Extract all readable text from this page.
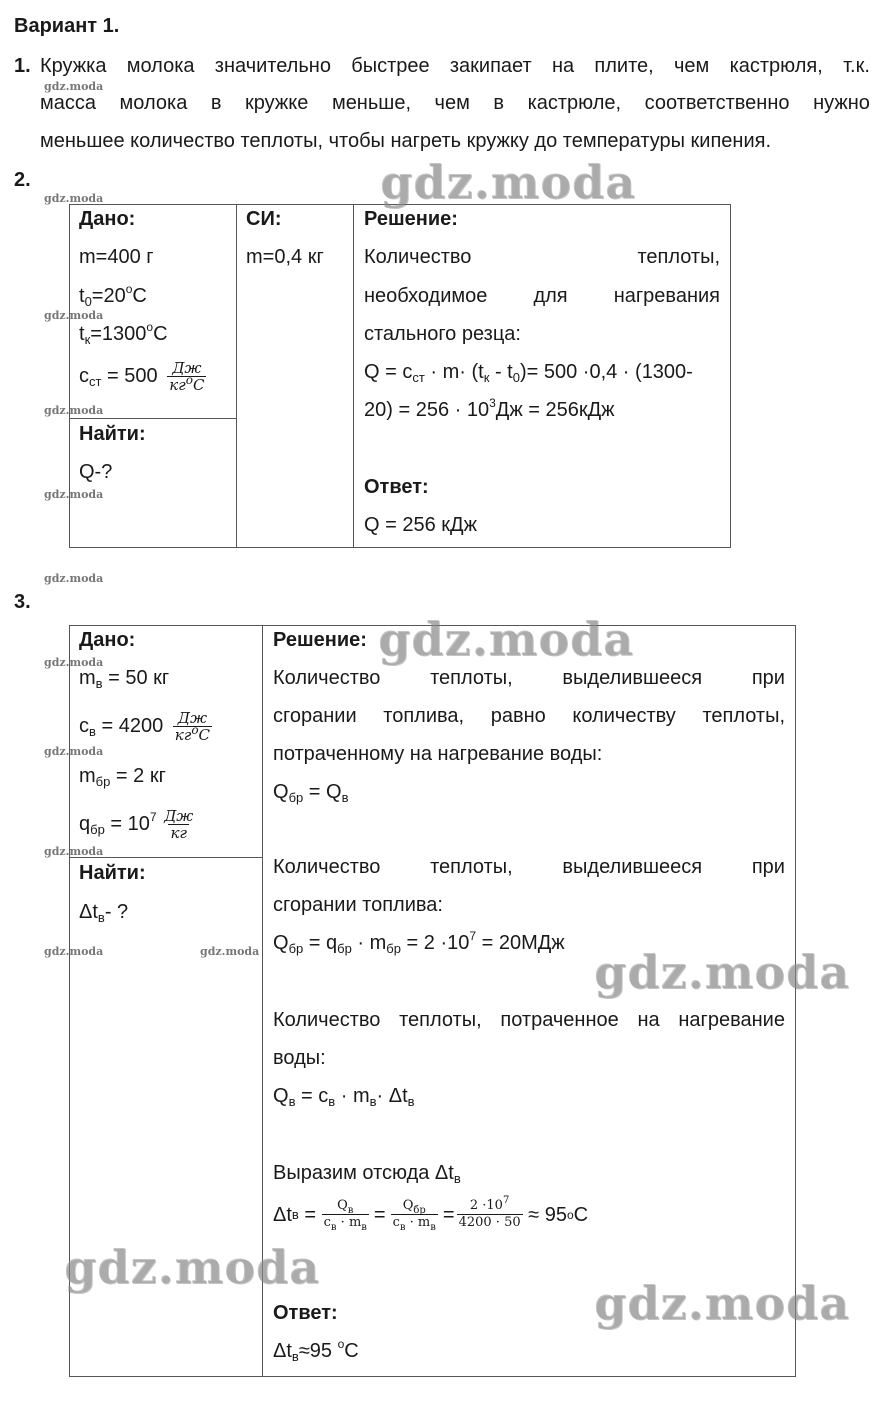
Вариант 1.
1. Кружка молока значительно быстрее закипает на плите, чем кастрюля, т.к.
масса молока в кружке меньше, чем в кастрюле, соответственно нужно
меньшее количество теплоты, чтобы нагреть кружку до температуры кипения.
2.
Дано:
m=400 г
$t_0=20^oC$
$t_к=1300^oC$
$c_{ст} = 500 \frac{Дж}{кг^oC}$
Найти:
Q-?
СИ:
m=0,4 кг
Решение:
Количество	теплоты,
необходимое для нагревания
стального резца:
$Q = c_{ст} \cdot m\cdot (t_к - t_0)= 500 \cdot 0,4 \cdot (1300-$
$20) = 256 \cdot 10^3Дж = 256кДж$
Ответ:
Q = 256 кДж
3.
Дано:
$m_в = 50$ кг
$c_в = 4200 \frac{Дж}{кг^oC}$
$m_{бр} = 2$ кг
$q_{бр} = 10^7 \frac{Дж}{кг}$
Найти:
$\Delta t_в-$ ?
Решение:
Количество теплоты, выделившееся при
сгорании топлива, равно количеству теплоты,
потраченному на нагревание воды:
$Q_{бр} = Q_в$
Количество теплоты, выделившееся при
сгорании топлива:
$Q_{бр} = q_{бр} \cdot m_{бр} = 2 \cdot 10^7 = 20МДж$
Количество теплоты, потраченное на нагревание
воды:
$Q_в = c_в \cdot m_в\cdot \Delta t_в$
Выразим отсюда $\Delta t_в$
Δt $в = \frac{Q_в}{c_в \cdot m_в} = \frac{Q_{бр}}{c_в \cdot m_в} = \frac{2 \cdot 10^7}{4200 \cdot 50} \approx 95$ o C
Ответ:
$\Delta t_в\approx 95$ $^o$C
gdz.moda
gdz.moda
gdz.moda
gdz.moda
gdz.moda
gdz.moda
gdz.moda
gdz.moda
gdz.moda
gdz.moda
gdz.moda
gdz.moda
gdz.moda
gdz.moda
gdz.moda	gdz.moda
